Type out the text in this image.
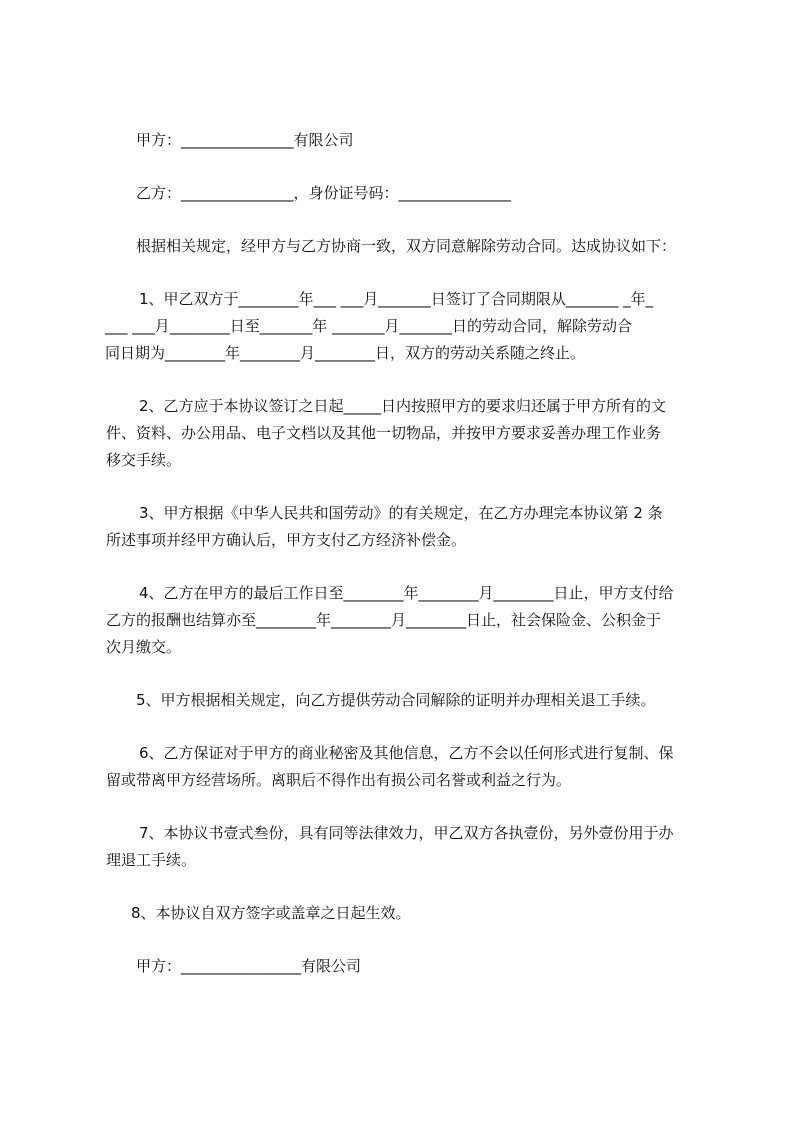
甲方：_______________有限公司
乙方：_______________，身份证号码：_______________
根据相关规定，经甲方与乙方协商一致，双方同意解除劳动合同。达成协议如下：
1、甲乙双方于________年___ ___月_______日签订了合同期限从_______ _年_
___ ___月________日至_______年 _______月_______日的劳动合同，解除劳动合
同日期为________年________月________日，双方的劳动关系随之终止。
2、乙方应于本协议签订之日起_____日内按照甲方的要求归还属于甲方所有的文
件、资料、办公用品、电子文档以及其他一切物品，并按甲方要求妥善办理工作业务
移交手续。
3、甲方根据《中华人民共和国劳动》的有关规定，在乙方办理完本协议第 2 条
所述事项并经甲方确认后，甲方支付乙方经济补偿金。
4、乙方在甲方的最后工作日至________年________月________日止，甲方支付给
乙方的报酬也结算亦至________年________月________日止，社会保险金、公积金于
次月缴交。
5、甲方根据相关规定，向乙方提供劳动合同解除的证明并办理相关退工手续。
6、乙方保证对于甲方的商业秘密及其他信息，乙方不会以任何形式进行复制、保
留或带离甲方经营场所。离职后不得作出有损公司名誉或利益之行为。
7、本协议书壹式叁份，具有同等法律效力，甲乙双方各执壹份，另外壹份用于办
理退工手续。
8、本协议自双方签字或盖章之日起生效。
甲方：________________有限公司
